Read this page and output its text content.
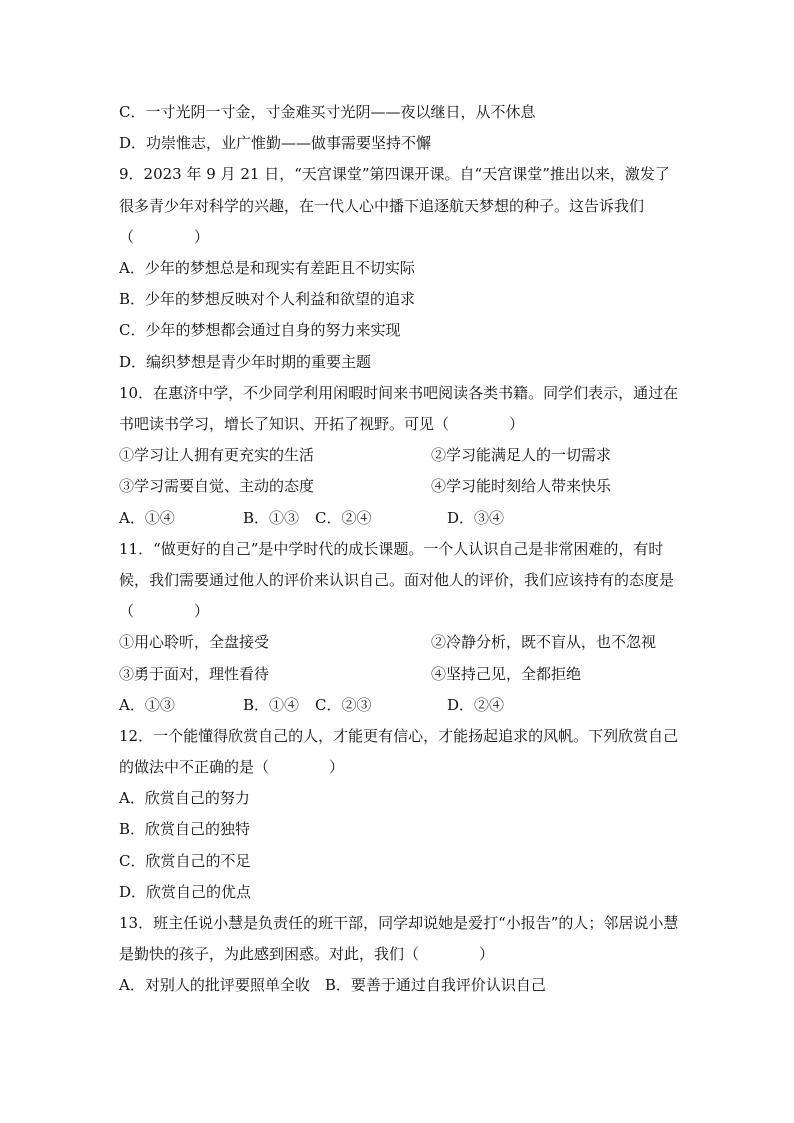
C．一寸光阴一寸金，寸金难买寸光阴——夜以继日，从不休息
D．功崇惟志，业广惟勤——做事需要坚持不懈
9．2023 年 9 月 21 日，“天宫课堂”第四课开课。自“天宫课堂”推出以来，激发了很多青少年对科学的兴趣，在一代人心中播下追逐航天梦想的种子。这告诉我们（　　　　）
A．少年的梦想总是和现实有差距且不切实际
B．少年的梦想反映对个人利益和欲望的追求
C．少年的梦想都会通过自身的努力来实现
D．编织梦想是青少年时期的重要主题
10．在惠济中学，不少同学利用闲暇时间来书吧阅读各类书籍。同学们表示，通过在书吧读书学习，增长了知识、开拓了视野。可见（　　　　）
①学习让人拥有更充实的生活	②学习能满足人的一切需求
③学习需要自觉、主动的态度	④学习能时刻给人带来快乐
A．①④	B．①③ C．②④	D．③④
11．“做更好的自己”是中学时代的成长课题。一个人认识自己是非常困难的，有时候，我们需要通过他人的评价来认识自己。面对他人的评价，我们应该持有的态度是（　　　　）
①用心聆听，全盘接受	②冷静分析，既不盲从，也不忽视
③勇于面对，理性看待	④坚持己见，全都拒绝
A．①③	B．①④ C．②③	D．②④
12．一个能懂得欣赏自己的人，才能更有信心，才能扬起追求的风帆。下列欣赏自己的做法中不正确的是（　　　　）
A．欣赏自己的努力
B．欣赏自己的独特
C．欣赏自己的不足
D．欣赏自己的优点
13．班主任说小慧是负责任的班干部，同学却说她是爱打“小报告”的人；邻居说小慧是勤快的孩子，为此感到困惑。对此，我们（　　　　）
A．对别人的批评要照单全收　B．要善于通过自我评价认识自己
